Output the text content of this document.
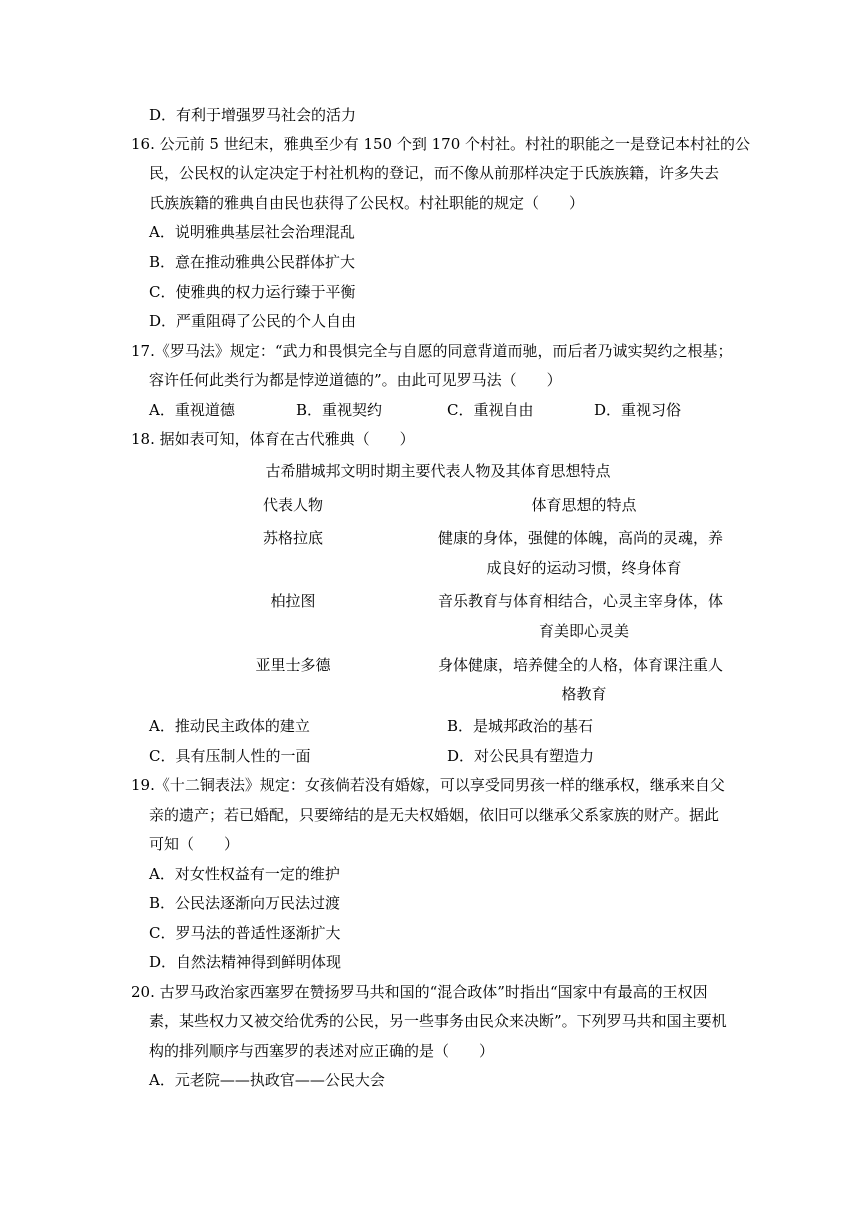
D．有利于增强罗马社会的活力
16. 公元前 5 世纪末，雅典至少有 150 个到 170 个村社。村社的职能之一是登记本村社的公
民，公民权的认定决定于村社机构的登记，而不像从前那样决定于氏族族籍，许多失去
氏族族籍的雅典自由民也获得了公民权。村社职能的规定（　　）
A．说明雅典基层社会治理混乱
B．意在推动雅典公民群体扩大
C．使雅典的权力运行臻于平衡
D．严重阻碍了公民的个人自由
17.《罗马法》规定：“武力和畏惧完全与自愿的同意背道而驰，而后者乃诚实契约之根基；
容许任何此类行为都是悖逆道德的”。由此可见罗马法（　　）
A．重视道德	B．重视契约	C．重视自由	D．重视习俗
18. 据如表可知，体育在古代雅典（　　）
古希腊城邦文明时期主要代表人物及其体育思想特点
代表人物	体育思想的特点
苏格拉底	健康的身体，强健的体魄，高尚的灵魂，养
成良好的运动习惯，终身体育
柏拉图	音乐教育与体育相结合，心灵主宰身体，体
育美即心灵美
亚里士多德	身体健康，培养健全的人格，体育课注重人
格教育
A．推动民主政体的建立	B．是城邦政治的基石
C．具有压制人性的一面	D．对公民具有塑造力
19.《十二铜表法》规定：女孩倘若没有婚嫁，可以享受同男孩一样的继承权，继承来自父
亲的遗产；若已婚配，只要缔结的是无夫权婚姻，依旧可以继承父系家族的财产。据此
可知（　　）
A．对女性权益有一定的维护
B．公民法逐渐向万民法过渡
C．罗马法的普适性逐渐扩大
D．自然法精神得到鲜明体现
20. 古罗马政治家西塞罗在赞扬罗马共和国的“混合政体”时指出“国家中有最高的王权因
素，某些权力又被交给优秀的公民，另一些事务由民众来决断”。下列罗马共和国主要机
构的排列顺序与西塞罗的表述对应正确的是（　　）
A．元老院——执政官——公民大会
